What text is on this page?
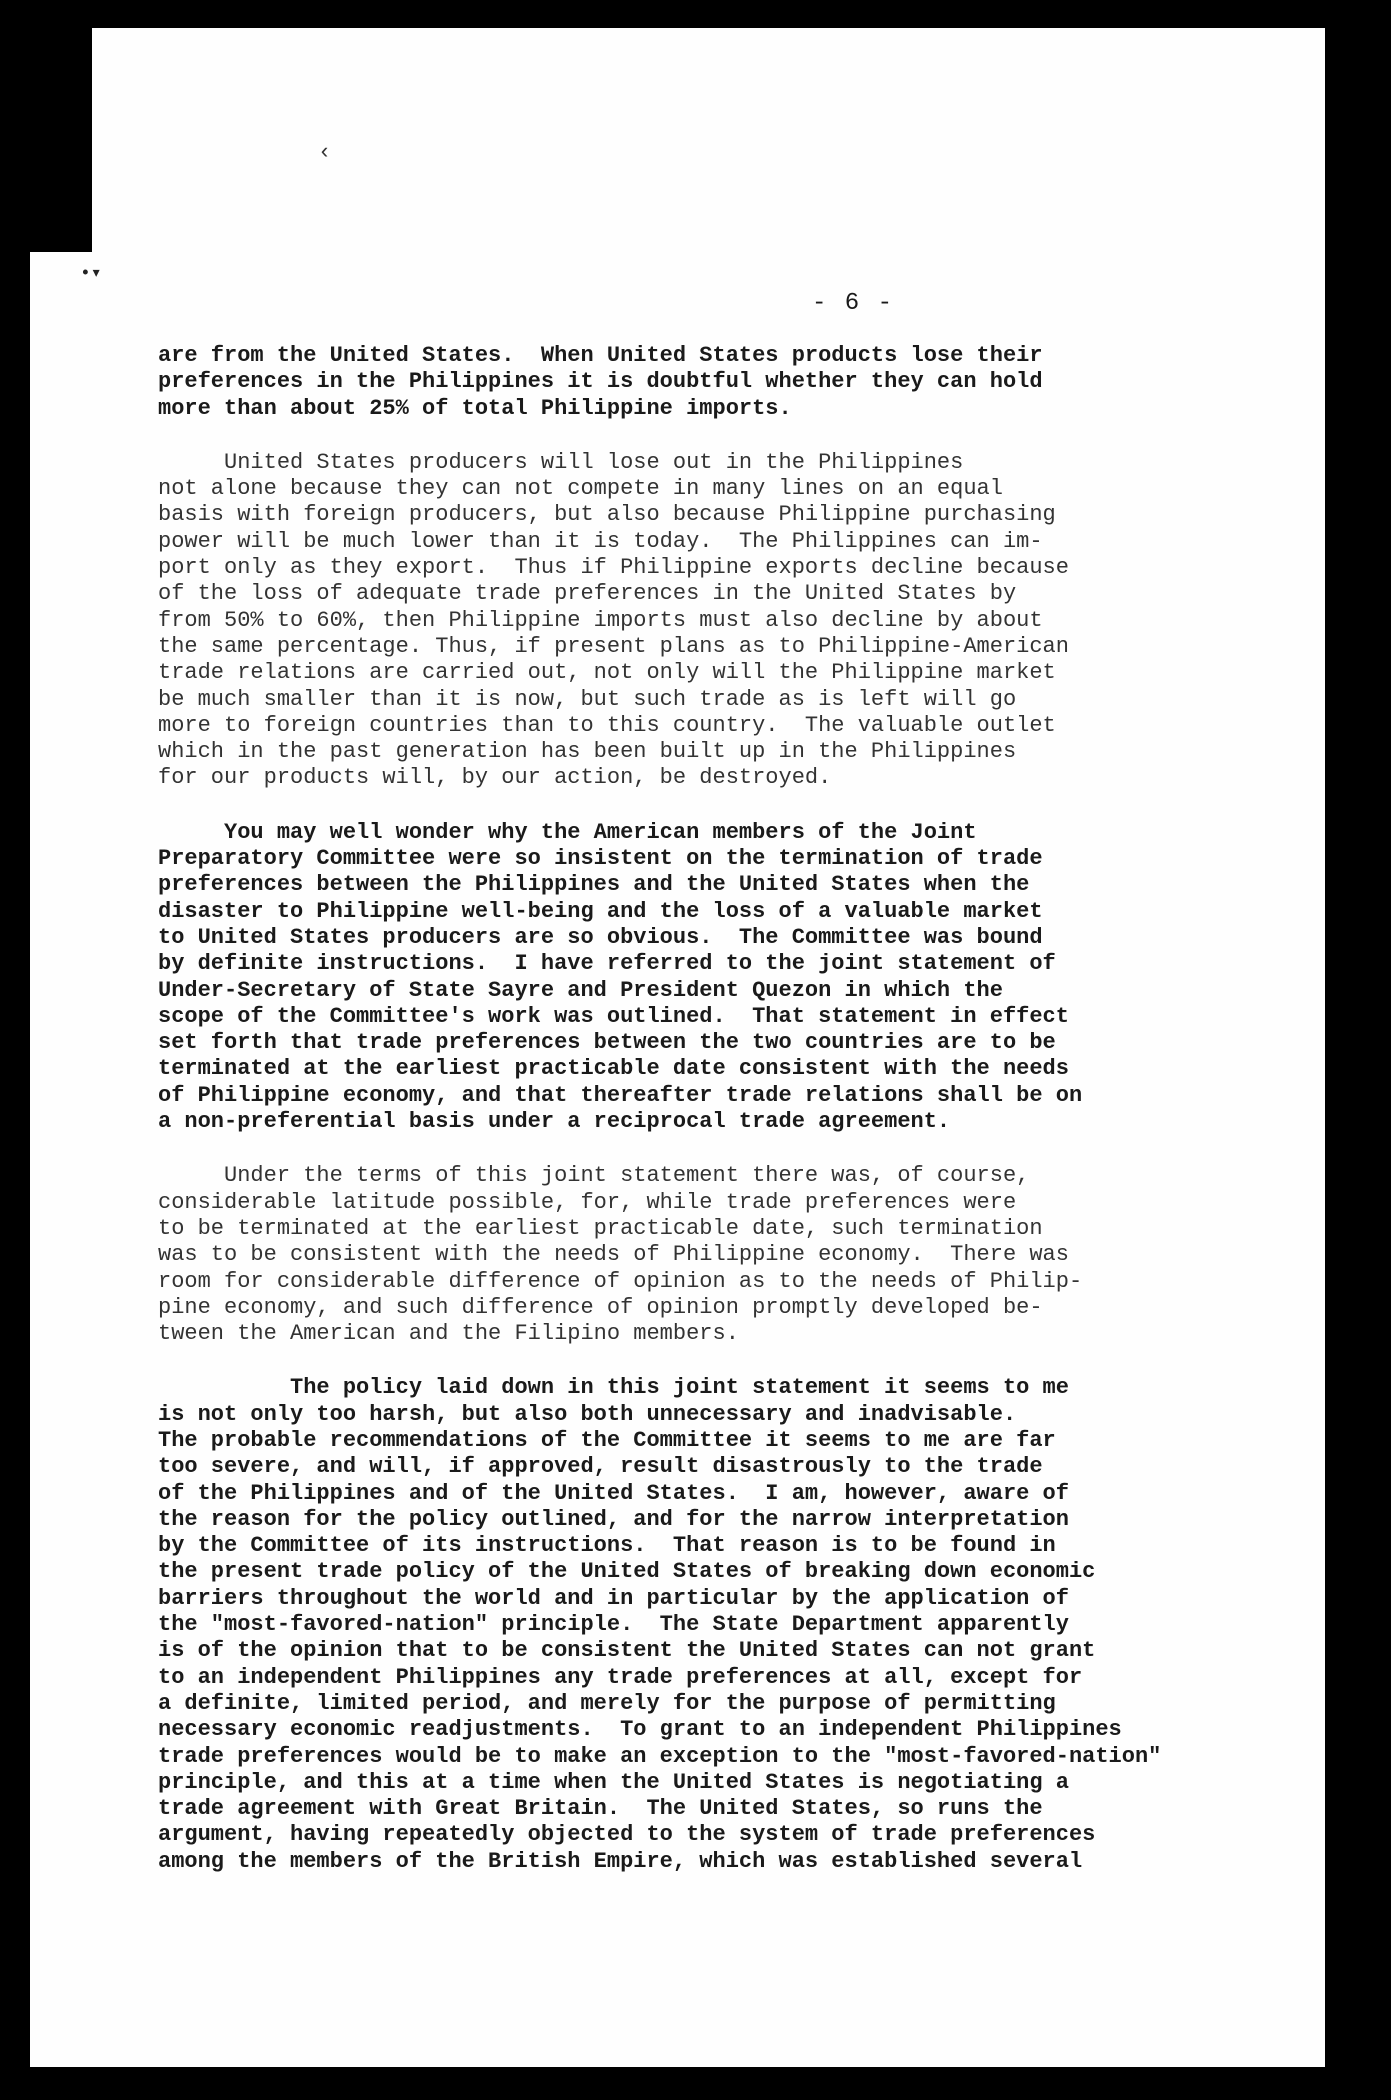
‹
•▾
- 6 -
are from the United States.  When United States products lose their
preferences in the Philippines it is doubtful whether they can hold
more than about 25% of total Philippine imports.
United States producers will lose out in the Philippines
not alone because they can not compete in many lines on an equal
basis with foreign producers, but also because Philippine purchasing
power will be much lower than it is today.  The Philippines can im-
port only as they export.  Thus if Philippine exports decline because
of the loss of adequate trade preferences in the United States by
from 50% to 60%, then Philippine imports must also decline by about
the same percentage. Thus, if present plans as to Philippine-American
trade relations are carried out, not only will the Philippine market
be much smaller than it is now, but such trade as is left will go
more to foreign countries than to this country.  The valuable outlet
which in the past generation has been built up in the Philippines
for our products will, by our action, be destroyed.
You may well wonder why the American members of the Joint
Preparatory Committee were so insistent on the termination of trade
preferences between the Philippines and the United States when the
disaster to Philippine well-being and the loss of a valuable market
to United States producers are so obvious.  The Committee was bound
by definite instructions.  I have referred to the joint statement of
Under-Secretary of State Sayre and President Quezon in which the
scope of the Committee's work was outlined.  That statement in effect
set forth that trade preferences between the two countries are to be
terminated at the earliest practicable date consistent with the needs
of Philippine economy, and that thereafter trade relations shall be on
a non-preferential basis under a reciprocal trade agreement.
Under the terms of this joint statement there was, of course,
considerable latitude possible, for, while trade preferences were
to be terminated at the earliest practicable date, such termination
was to be consistent with the needs of Philippine economy.  There was
room for considerable difference of opinion as to the needs of Philip-
pine economy, and such difference of opinion promptly developed be-
tween the American and the Filipino members.
The policy laid down in this joint statement it seems to me
is not only too harsh, but also both unnecessary and inadvisable.
The probable recommendations of the Committee it seems to me are far
too severe, and will, if approved, result disastrously to the trade
of the Philippines and of the United States.  I am, however, aware of
the reason for the policy outlined, and for the narrow interpretation
by the Committee of its instructions.  That reason is to be found in
the present trade policy of the United States of breaking down economic
barriers throughout the world and in particular by the application of
the "most-favored-nation" principle.  The State Department apparently
is of the opinion that to be consistent the United States can not grant
to an independent Philippines any trade preferences at all, except for
a definite, limited period, and merely for the purpose of permitting
necessary economic readjustments.  To grant to an independent Philippines
trade preferences would be to make an exception to the "most-favored-nation"
principle, and this at a time when the United States is negotiating a
trade agreement with Great Britain.  The United States, so runs the
argument, having repeatedly objected to the system of trade preferences
among the members of the British Empire, which was established several
